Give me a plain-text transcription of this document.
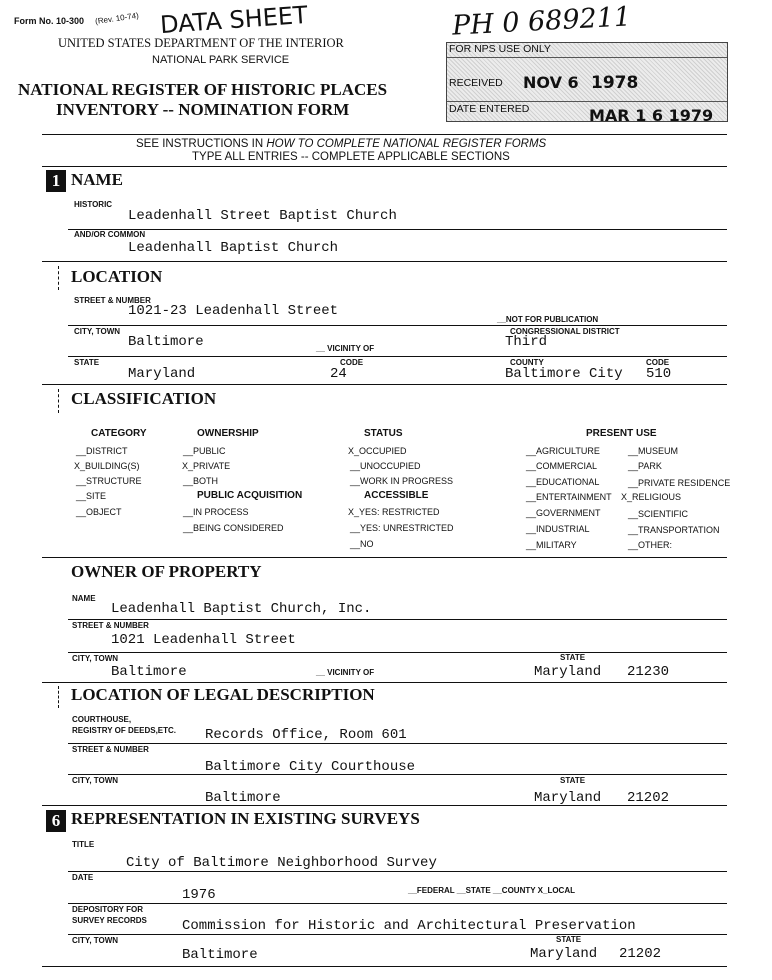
Form No. 10-300 (Rev. 10-74) DATA SHEET
UNITED STATES DEPARTMENT OF THE INTERIOR
NATIONAL PARK SERVICE
NATIONAL REGISTER OF HISTORIC PLACES
INVENTORY -- NOMINATION FORM
PH 0 689211
FOR NPS USE ONLY
RECEIVED NOV 6 1978
DATE ENTERED	MAR 1 6 1979
SEE INSTRUCTIONS IN HOW TO COMPLETE NATIONAL REGISTER FORMS
TYPE ALL ENTRIES -- COMPLETE APPLICABLE SECTIONS
1 NAME
HISTORIC
Leadenhall Street Baptist Church
AND/OR COMMON
Leadenhall Baptist Church
LOCATION
STREET & NUMBER
1021-23 Leadenhall Street
__NOT FOR PUBLICATION
CITY, TOWN
Baltimore	__ VICINITY OF
CONGRESSIONAL DISTRICT
Third
STATE
Maryland
CODE
24
COUNTY
Baltimore City
CODE
510
CLASSIFICATION
CATEGORY
__DISTRICT
X_BUILDING(S)
__STRUCTURE
__SITE
__OBJECT
OWNERSHIP
__PUBLIC
X_PRIVATE
__BOTH
PUBLIC ACQUISITION
__IN PROCESS
__BEING CONSIDERED
STATUS
X_OCCUPIED
__UNOCCUPIED
__WORK IN PROGRESS
ACCESSIBLE
X_YES: RESTRICTED
__YES: UNRESTRICTED
__NO
PRESENT USE
__AGRICULTURE
__COMMERCIAL
__EDUCATIONAL
__ENTERTAINMENT
__GOVERNMENT
__INDUSTRIAL
__MILITARY
__MUSEUM
__PARK
__PRIVATE RESIDENCE
X_RELIGIOUS
__SCIENTIFIC
__TRANSPORTATION
__OTHER:
OWNER OF PROPERTY
NAME
Leadenhall Baptist Church, Inc.
STREET & NUMBER
1021 Leadenhall Street
CITY, TOWN
Baltimore	__ VICINITY OF
STATE
Maryland 21230
LOCATION OF LEGAL DESCRIPTION
COURTHOUSE,
REGISTRY OF DEEDS,ETC. Records Office, Room 601
STREET & NUMBER
Baltimore City Courthouse
CITY, TOWN
Baltimore
STATE
Maryland 21202
6 REPRESENTATION IN EXISTING SURVEYS
TITLE
City of Baltimore Neighborhood Survey
DATE
1976	__FEDERAL __STATE __COUNTY X_LOCAL
DEPOSITORY FOR
SURVEY RECORDS	Commission for Historic and Architectural Preservation
CITY, TOWN
Baltimore
STATE
Maryland 21202
